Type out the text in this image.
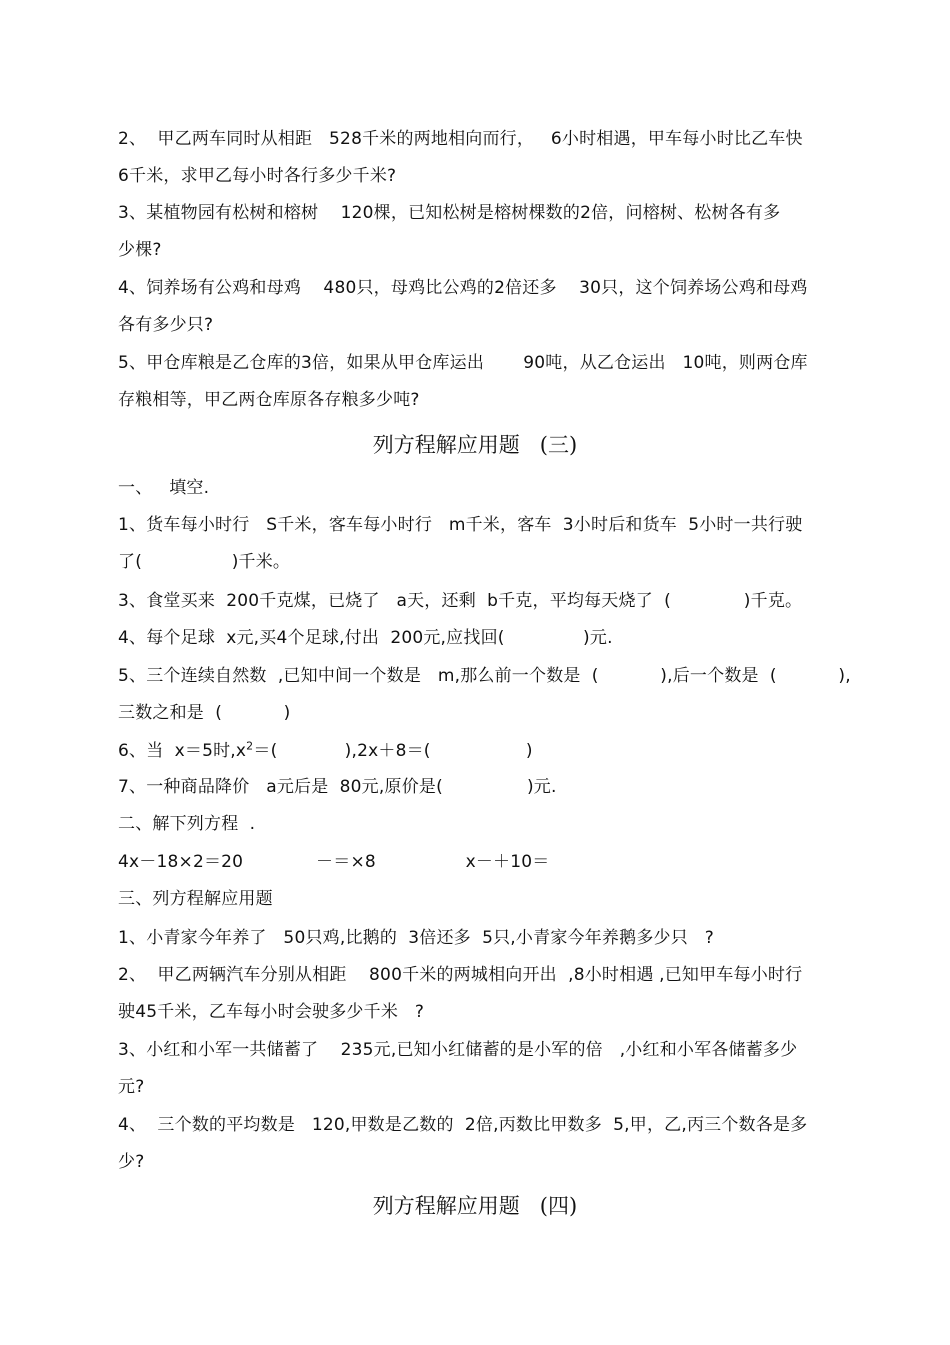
2、  甲乙两车同时从相距   528千米的两地相向而行，   6小时相遇，甲车每小时比乙车快
6千米，求甲乙每小时各行多少千米?
3、某植物园有松树和榕树    120棵，已知松树是榕树棵数的2倍，问榕树、松树各有多
少棵?
4、饲养场有公鸡和母鸡    480只，母鸡比公鸡的2倍还多    30只，这个饲养场公鸡和母鸡
各有多少只?
5、甲仓库粮是乙仓库的3倍，如果从甲仓库运出       90吨，从乙仓运出   10吨，则两仓库
存粮相等，甲乙两仓库原各存粮多少吨?
列方程解应用题   (三)
一、   填空.
1、货车每小时行   S千米，客车每小时行   m千米，客车  3小时后和货车  5小时一共行驶
了(                )千米。
3、食堂买来  200千克煤，已烧了   a天，还剩  b千克，平均每天烧了  (             )千克。
4、每个足球  x元,买4个足球,付出  200元,应找回(              )元.
5、三个连续自然数  ,已知中间一个数是   m,那么前一个数是  (           ),后一个数是  (           ),
三数之和是  (           )
6、当  x＝5时$,x^2=$(            ),2x＋8＝(                 )
7、一种商品降价   a元后是  80元,原价是(               )元.
二、解下列方程  .
4x－18×2＝20             －＝×8                x－＋10＝
三、列方程解应用题
1、小青家今年养了   50只鸡,比鹅的  3倍还多  5只,小青家今年养鹅多少只   ?
2、  甲乙两辆汽车分别从相距    800千米的两城相向开出  ,8小时相遇 ,已知甲车每小时行
驶45千米，乙车每小时会驶多少千米   ?
3、小红和小军一共储蓄了    235元,已知小红储蓄的是小军的倍   ,小红和小军各储蓄多少
元?
4、  三个数的平均数是   120,甲数是乙数的  2倍,丙数比甲数多  5,甲，乙,丙三个数各是多
少?
列方程解应用题   (四)
